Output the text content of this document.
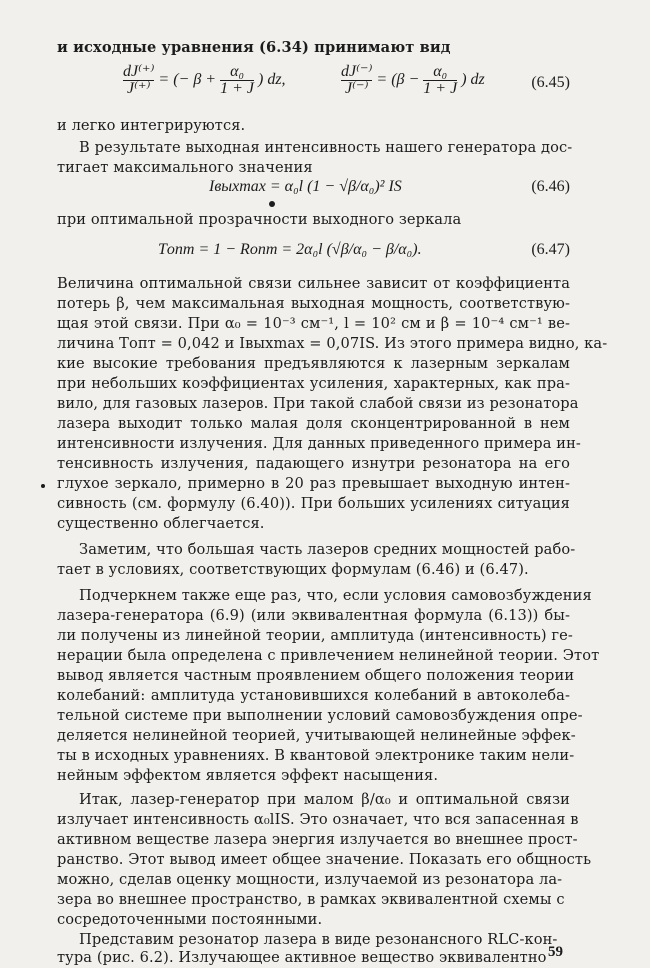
и исходные уравнения (6.34) принимают вид
$\frac{dJ^{(+)}}{J^{(+)}}$ = (− $\beta + \frac{\text{α₀}}{1 + J}$ ) dz,	$\frac{dJ^{(-)}}{J^{(-)}} = (\beta - \frac{\text{α₀}}{1 + J}$ ) dz	(6.45)
и легко интегрируются.
В результате выходная интенсивность нашего генератора дос-
тигает максимального значения
Iвыхmax = α₀l (1 − √β/α₀)² IS	(6.46)
при оптимальной прозрачности выходного зеркала
Tопт = 1 − Rопт = 2α₀l (√β/α₀ − β/α₀).	(6.47)
Величина оптимальной связи сильнее зависит от коэффициента
потерь β, чем максимальная выходная мощность, соответствую-
щая этой связи. При α₀ = 10⁻³ см⁻¹, l = 10² см и β = 10⁻⁴ см⁻¹ ве-
личина Tопт = 0,042 и Iвыхmax = 0,07IS. Из этого примера видно, ка-
кие высокие требования предъявляются к лазерным зеркалам
при небольших коэффициентах усиления, характерных, как пра-
вило, для газовых лазеров. При такой слабой связи из резонатора
лазера выходит только малая доля сконцентрированной в нем
интенсивности излучения. Для данных приведенного примера ин-
тенсивность излучения, падающего изнутри резонатора на его
глухое зеркало, примерно в 20 раз превышает выходную интен-
сивность (см. формулу (6.40)). При больших усилениях ситуация
существенно облегчается.
Заметим, что большая часть лазеров средних мощностей рабо-
тает в условиях, соответствующих формулам (6.46) и (6.47).
Подчеркнем также еще раз, что, если условия самовозбуждения
лазера-генератора (6.9) (или эквивалентная формула (6.13)) бы-
ли получены из линейной теории, амплитуда (интенсивность) ге-
нерации была определена с привлечением нелинейной теории. Этот
вывод является частным проявлением общего положения теории
колебаний: амплитуда установившихся колебаний в автоколеба-
тельной системе при выполнении условий самовозбуждения опре-
деляется нелинейной теорией, учитывающей нелинейные эффек-
ты в исходных уравнениях. В квантовой электронике таким нели-
нейным эффектом является эффект насыщения.
Итак, лазер-генератор при малом β/α₀ и оптимальной связи
излучает интенсивность α₀lIS. Это означает, что вся запасенная в
активном веществе лазера энергия излучается во внешнее прост-
ранство. Этот вывод имеет общее значение. Показать его общность
можно, сделав оценку мощности, излучаемой из резонатора ла-
зера во внешнее пространство, в рамках эквивалентной схемы с
сосредоточенными постоянными.
Представим резонатор лазера в виде резонансного RLC-кон-
тура (рис. 6.2). Излучающее активное вещество эквивалентно 59
